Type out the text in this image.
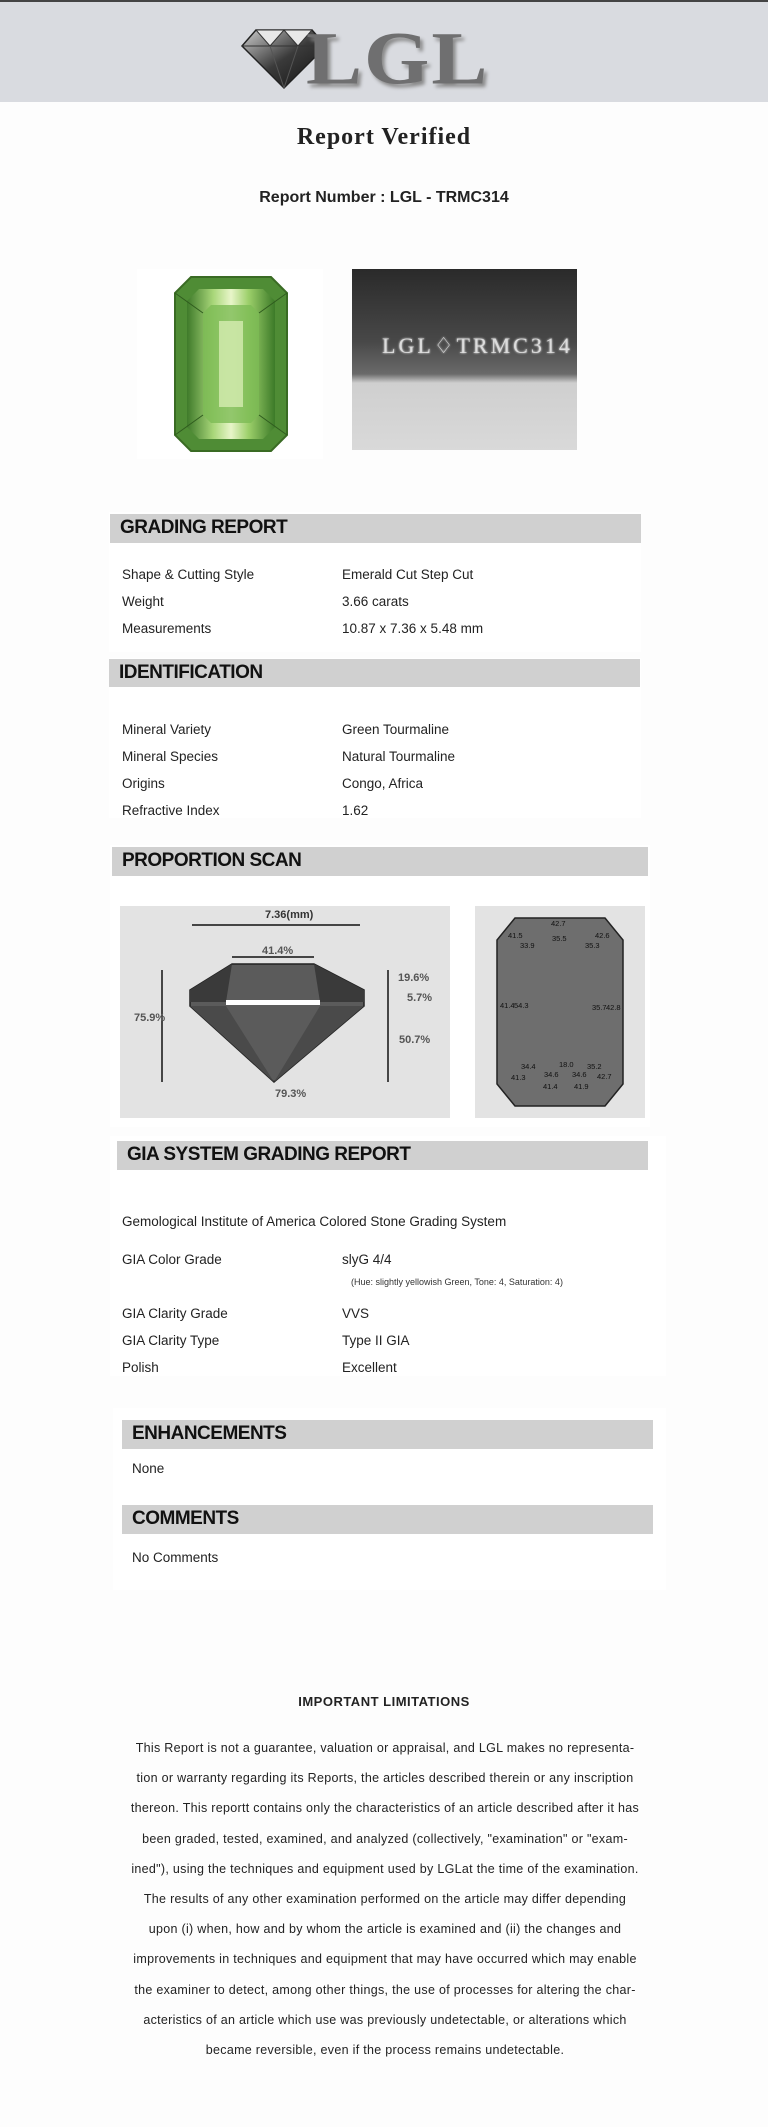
LGL
Report Verified
Report Number : LGL - TRMC314
LGL♢TRMC314
GRADING REPORT
Shape & Cutting Style	Emerald Cut Step Cut
Weight	3.66 carats
Measurements	10.87 x 7.36 x 5.48 mm
IDENTIFICATION
Mineral Variety	Green Tourmaline
Mineral Species	Natural Tourmaline
Origins	Congo, Africa
Refractive Index	1.62
PROPORTION SCAN
7.36(mm)
41.4%
75.9%
19.6%
5.7%
50.7%
79.3%
42.7
41.5	35.5	42.6
33.9	35.3
41.4 54.3	35.7 42.8
34.4	18.0 35.2
41.3 34.6 34.6 42.7
41.4 41.9
GIA SYSTEM GRADING REPORT
Gemological Institute of America Colored Stone Grading System
GIA Color Grade	slyG 4/4
(Hue: slightly yellowish Green, Tone: 4, Saturation: 4)
GIA Clarity Grade	VVS
GIA Clarity Type	Type II GIA
Polish	Excellent
ENHANCEMENTS
None
COMMENTS
No Comments
IMPORTANT LIMITATIONS
This Report is not a guarantee, valuation or appraisal, and LGL makes no representa-
tion or warranty regarding its Reports, the articles described therein or any inscription
thereon. This reportt contains only the characteristics of an article described after it has
been graded, tested, examined, and analyzed (collectively, "examination" or "exam-
ined"), using the techniques and equipment used by LGLat the time of the examination.
The results of any other examination performed on the article may differ depending
upon (i) when, how and by whom the article is examined and (ii) the changes and
improvements in techniques and equipment that may have occurred which may enable
the examiner to detect, among other things, the use of processes for altering the char-
acteristics of an article which use was previously undetectable, or alterations which
became reversible, even if the process remains undetectable.
